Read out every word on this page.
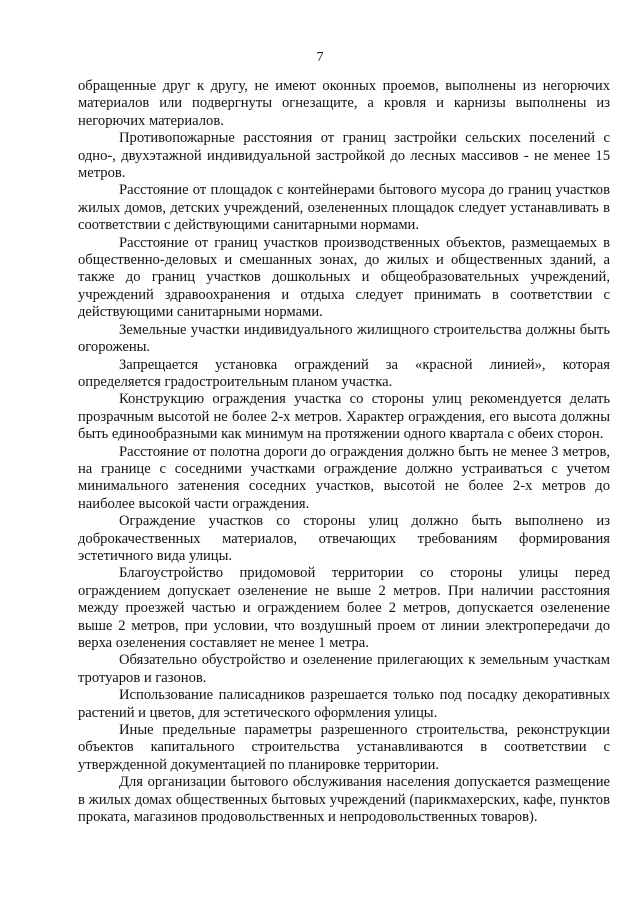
7

обращенные друг к другу, не имеют оконных проемов, выполнены из негорючих материалов или подвергнуты огнезащите, а кровля и карнизы выполнены из негорючих материалов.

Противопожарные расстояния от границ застройки сельских поселений с одно-, двухэтажной индивидуальной застройкой до лесных массивов - не менее 15 метров.

Расстояние от площадок с контейнерами бытового мусора до границ участков жилых домов, детских учреждений, озелененных площадок следует устанавливать в соответствии с действующими санитарными нормами.

Расстояние от границ участков производственных объектов, размещаемых в общественно-деловых и смешанных зонах, до жилых и общественных зданий, а также до границ участков дошкольных и общеобразовательных учреждений, учреждений здравоохранения и отдыха следует принимать в соответствии с действующими санитарными нормами.

Земельные участки индивидуального жилищного строительства должны быть огорожены.

Запрещается установка ограждений за «красной линией», которая определяется градостроительным планом участка.

Конструкцию ограждения участка со стороны улиц рекомендуется делать прозрачным высотой не более 2-х метров. Характер ограждения, его высота должны быть единообразными как минимум на протяжении одного квартала с обеих сторон.

Расстояние от полотна дороги до ограждения должно быть не менее 3 метров, на границе с соседними участками ограждение должно устраиваться с учетом минимального затенения соседних участков, высотой не более 2-х метров до наиболее высокой части ограждения.

Ограждение участков со стороны улиц должно быть выполнено из доброкачественных материалов, отвечающих требованиям формирования эстетичного вида улицы.

Благоустройство придомовой территории со стороны улицы перед ограждением допускает озеленение не выше 2 метров. При наличии расстояния между проезжей частью и ограждением более 2 метров, допускается озеленение выше 2 метров, при условии, что воздушный проем от линии электропередачи до верха озеленения составляет не менее 1 метра.

Обязательно обустройство и озеленение прилегающих к земельным участкам тротуаров и газонов.

Использование палисадников разрешается только под посадку декоративных растений и цветов, для эстетического оформления улицы.

Иные предельные параметры разрешенного строительства, реконструкции объектов капитального строительства устанавливаются в соответствии с утвержденной документацией по планировке территории.

Для организации бытового обслуживания населения допускается размещение в жилых домах общественных бытовых учреждений (парикмахерских, кафе, пунктов проката, магазинов продовольственных и непродовольственных товаров).
